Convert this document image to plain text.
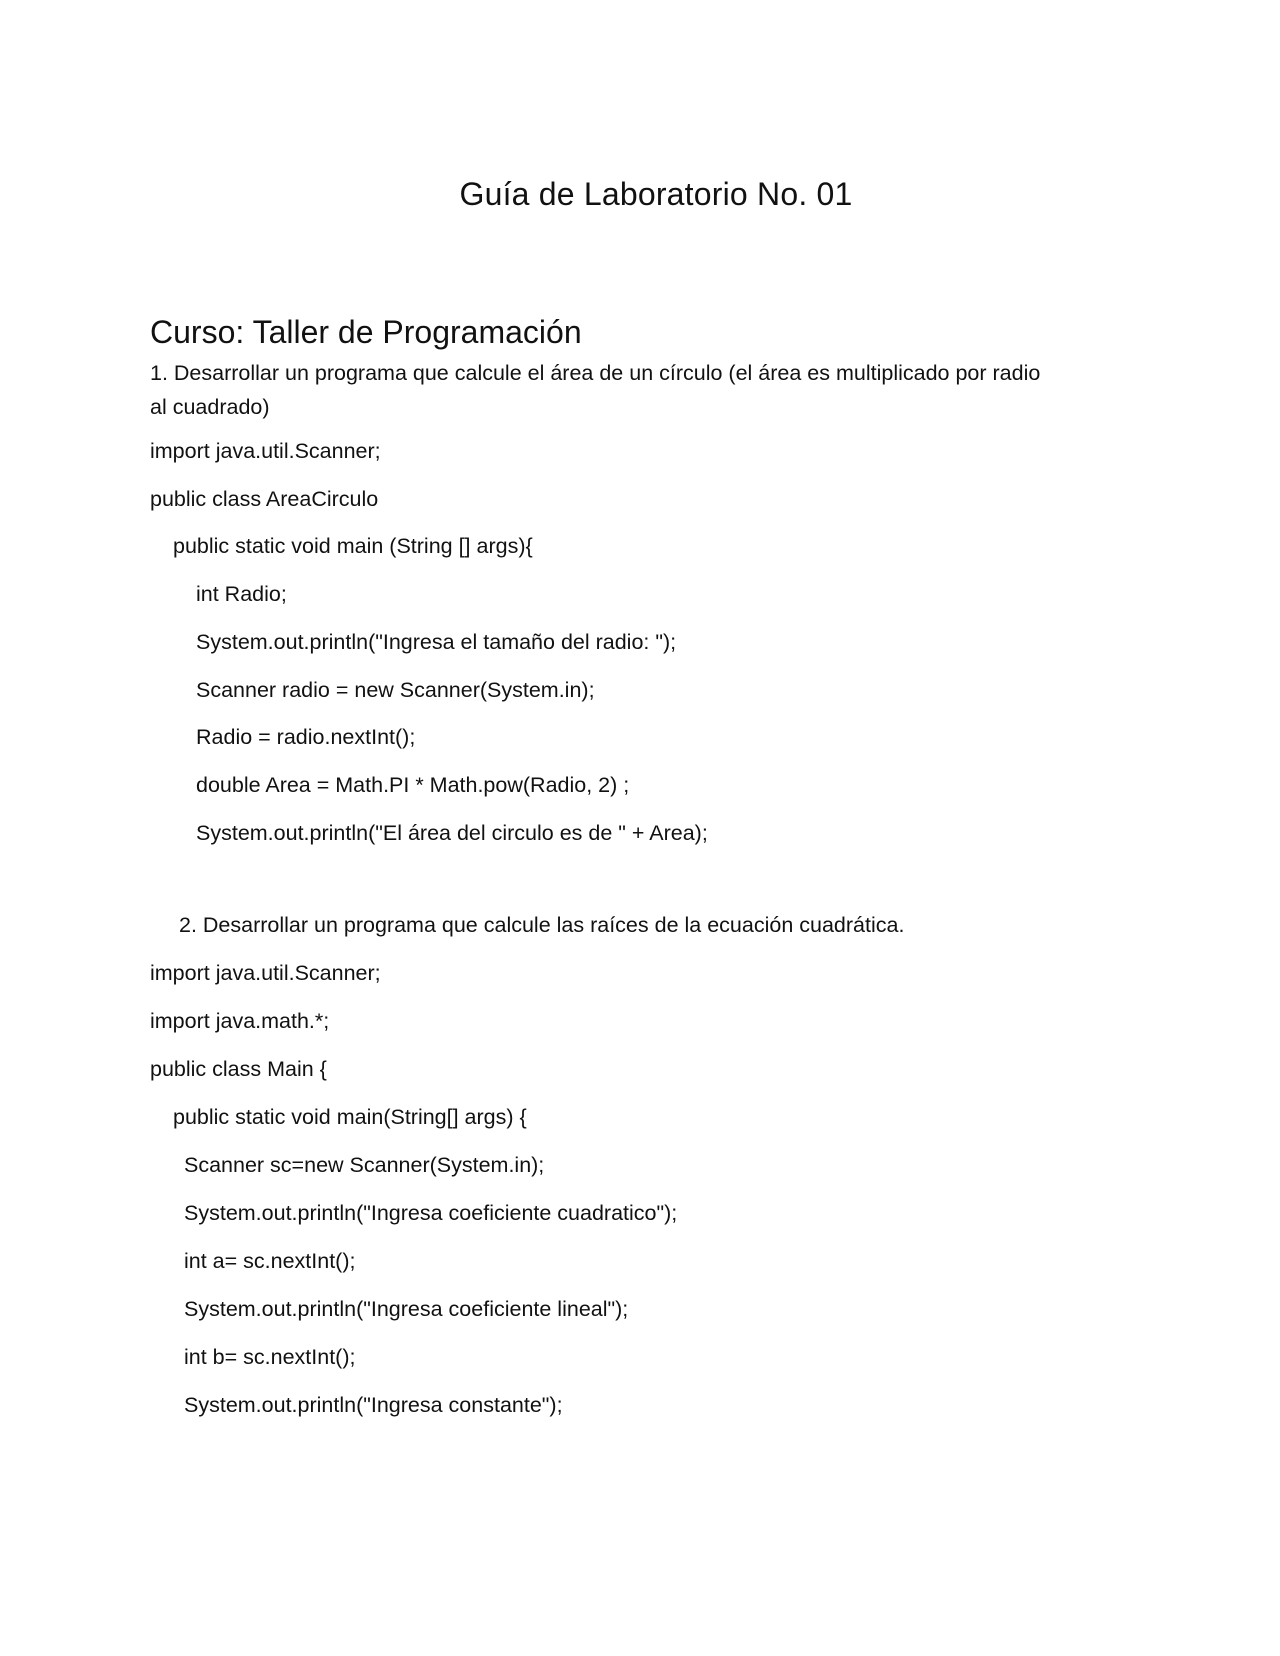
Guía de Laboratorio No. 01
Curso: Taller de Programación
1. Desarrollar un programa que calcule el área de un círculo (el área es multiplicado por radio al cuadrado)
import java.util.Scanner;
public class AreaCirculo
public static void main (String [] args){
int Radio;
System.out.println("Ingresa el tamaño del radio: ");
Scanner radio = new Scanner(System.in);
Radio = radio.nextInt();
double Area = Math.PI * Math.pow(Radio, 2) ;
System.out.println("El área del circulo es de " + Area);
2. Desarrollar un programa que calcule las raíces de la ecuación cuadrática.
import java.util.Scanner;
import java.math.*;
public class Main {
public static void main(String[] args) {
Scanner sc=new Scanner(System.in);
System.out.println("Ingresa coeficiente cuadratico");
int a= sc.nextInt();
System.out.println("Ingresa coeficiente lineal");
int b= sc.nextInt();
System.out.println("Ingresa constante");
